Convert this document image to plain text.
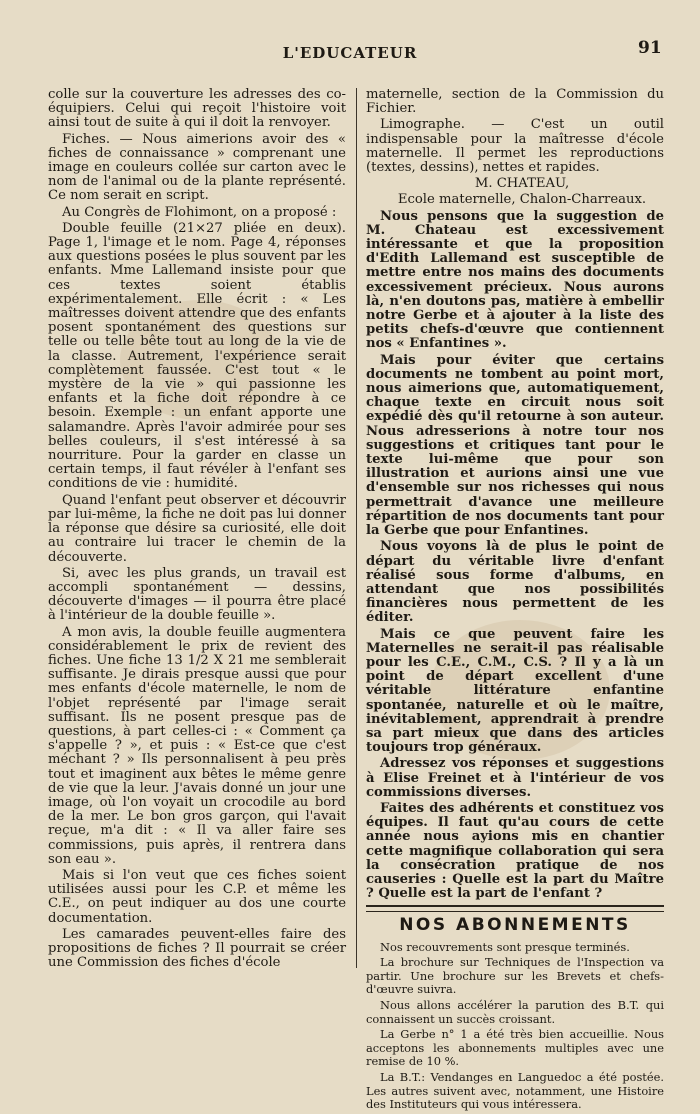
L'EDUCATEUR	91

colle sur la couverture les adresses des co-équipiers. Celui qui reçoit l'histoire voit ainsi tout de suite à qui il doit la renvoyer.

Fiches. — Nous aimerions avoir des « fiches de connaissance » comprenant une image en couleurs collée sur carton avec le nom de l'animal ou de la plante représenté. Ce nom serait en script.

Au Congrès de Flohimont, on a proposé :

Double feuille (21×27 pliée en deux). Page 1, l'image et le nom. Page 4, réponses aux questions posées le plus souvent par les enfants. Mme Lallemand insiste pour que ces textes soient établis expérimentalement. Elle écrit : « Les maîtresses doivent attendre que des enfants posent spontanément des questions sur telle ou telle bête tout au long de la vie de la classe. Autrement, l'expérience serait complètement faussée. C'est tout « le mystère de la vie » qui passionne les enfants et la fiche doit répondre à ce besoin. Exemple : un enfant apporte une salamandre. Après l'avoir admirée pour ses belles couleurs, il s'est intéressé à sa nourriture. Pour la garder en classe un certain temps, il faut révéler à l'enfant ses conditions de vie : humidité.

Quand l'enfant peut observer et découvrir par lui-même, la fiche ne doit pas lui donner la réponse que désire sa curiosité, elle doit au contraire lui tracer le chemin de la découverte.

Si, avec les plus grands, un travail est accompli spontanément — dessins, découverte d'images — il pourra être placé à l'intérieur de la double feuille ».

A mon avis, la double feuille augmentera considérablement le prix de revient des fiches. Une fiche 13 1/2 X 21 me semblerait suffisante. Je dirais presque aussi que pour mes enfants d'école maternelle, le nom de l'objet représenté par l'image serait suffisant. Ils ne posent presque pas de questions, à part celles-ci : « Comment ça s'appelle ? », et puis : « Est-ce que c'est méchant ? » Ils personnalisent à peu près tout et imaginent aux bêtes le même genre de vie que la leur. J'avais donné un jour une image, où l'on voyait un crocodile au bord de la mer. Le bon gros garçon, qui l'avait reçue, m'a dit : « Il va aller faire ses commissions, puis après, il rentrera dans son eau ».

Mais si l'on veut que ces fiches soient utilisées aussi pour les C.P. et même les C.E., on peut indiquer au dos une courte documentation.

Les camarades peuvent-elles faire des propositions de fiches ? Il pourrait se créer une Commission des fiches d'école

maternelle, section de la Commission du Fichier.

Limographe. — C'est un outil indispensable pour la maîtresse d'école maternelle. Il permet les reproductions (textes, dessins), nettes et rapides.

M. CHATEAU,

Ecole maternelle, Chalon-Charreaux.

Nous pensons que la suggestion de M. Chateau est excessivement intéressante et que la proposition d'Edith Lallemand est susceptible de mettre entre nos mains des documents excessivement précieux. Nous aurons là, n'en doutons pas, matière à embellir notre Gerbe et à ajouter à la liste des petits chefs-d'œuvre que contiennent nos « Enfantines ».

Mais pour éviter que certains documents ne tombent au point mort, nous aimerions que, automatiquement, chaque texte en circuit nous soit expédié dès qu'il retourne à son auteur. Nous adresserions à notre tour nos suggestions et critiques tant pour le texte lui-même que pour son illustration et aurions ainsi une vue d'ensemble sur nos richesses qui nous permettrait d'avance une meilleure répartition de nos documents tant pour la Gerbe que pour Enfantines.

Nous voyons là de plus le point de départ du véritable livre d'enfant réalisé sous forme d'albums, en attendant que nos possibilités financières nous permettent de les éditer.

Mais ce que peuvent faire les Maternelles ne serait-il pas réalisable pour les C.E., C.M., C.S. ? Il y a là un point de départ excellent d'une véritable littérature enfantine spontanée, naturelle et où le maître, inévitablement, apprendrait à prendre sa part mieux que dans des articles toujours trop généraux.

Adressez vos réponses et suggestions à Elise Freinet et à l'intérieur de vos commissions diverses.

Faites des adhérents et constituez vos équipes. Il faut qu'au cours de cette année nous ayions mis en chantier cette magnifique collaboration qui sera la consécration pratique de nos causeries : Quelle est la part du Maître ? Quelle est la part de l'enfant ?

NOS ABONNEMENTS

Nos recouvrements sont presque terminés.

La brochure sur Techniques de l'Inspection va partir. Une brochure sur les Brevets et chefs-d'œuvre suivra.

Nous allons accélérer la parution des B.T. qui connaissent un succès croissant.

La Gerbe n° 1 a été très bien accueillie. Nous acceptons les abonnements multiples avec une remise de 10 %.

La B.T.: Vendanges en Languedoc a été postée. Les autres suivent avec, notamment, une Histoire des Instituteurs qui vous intéressera.
